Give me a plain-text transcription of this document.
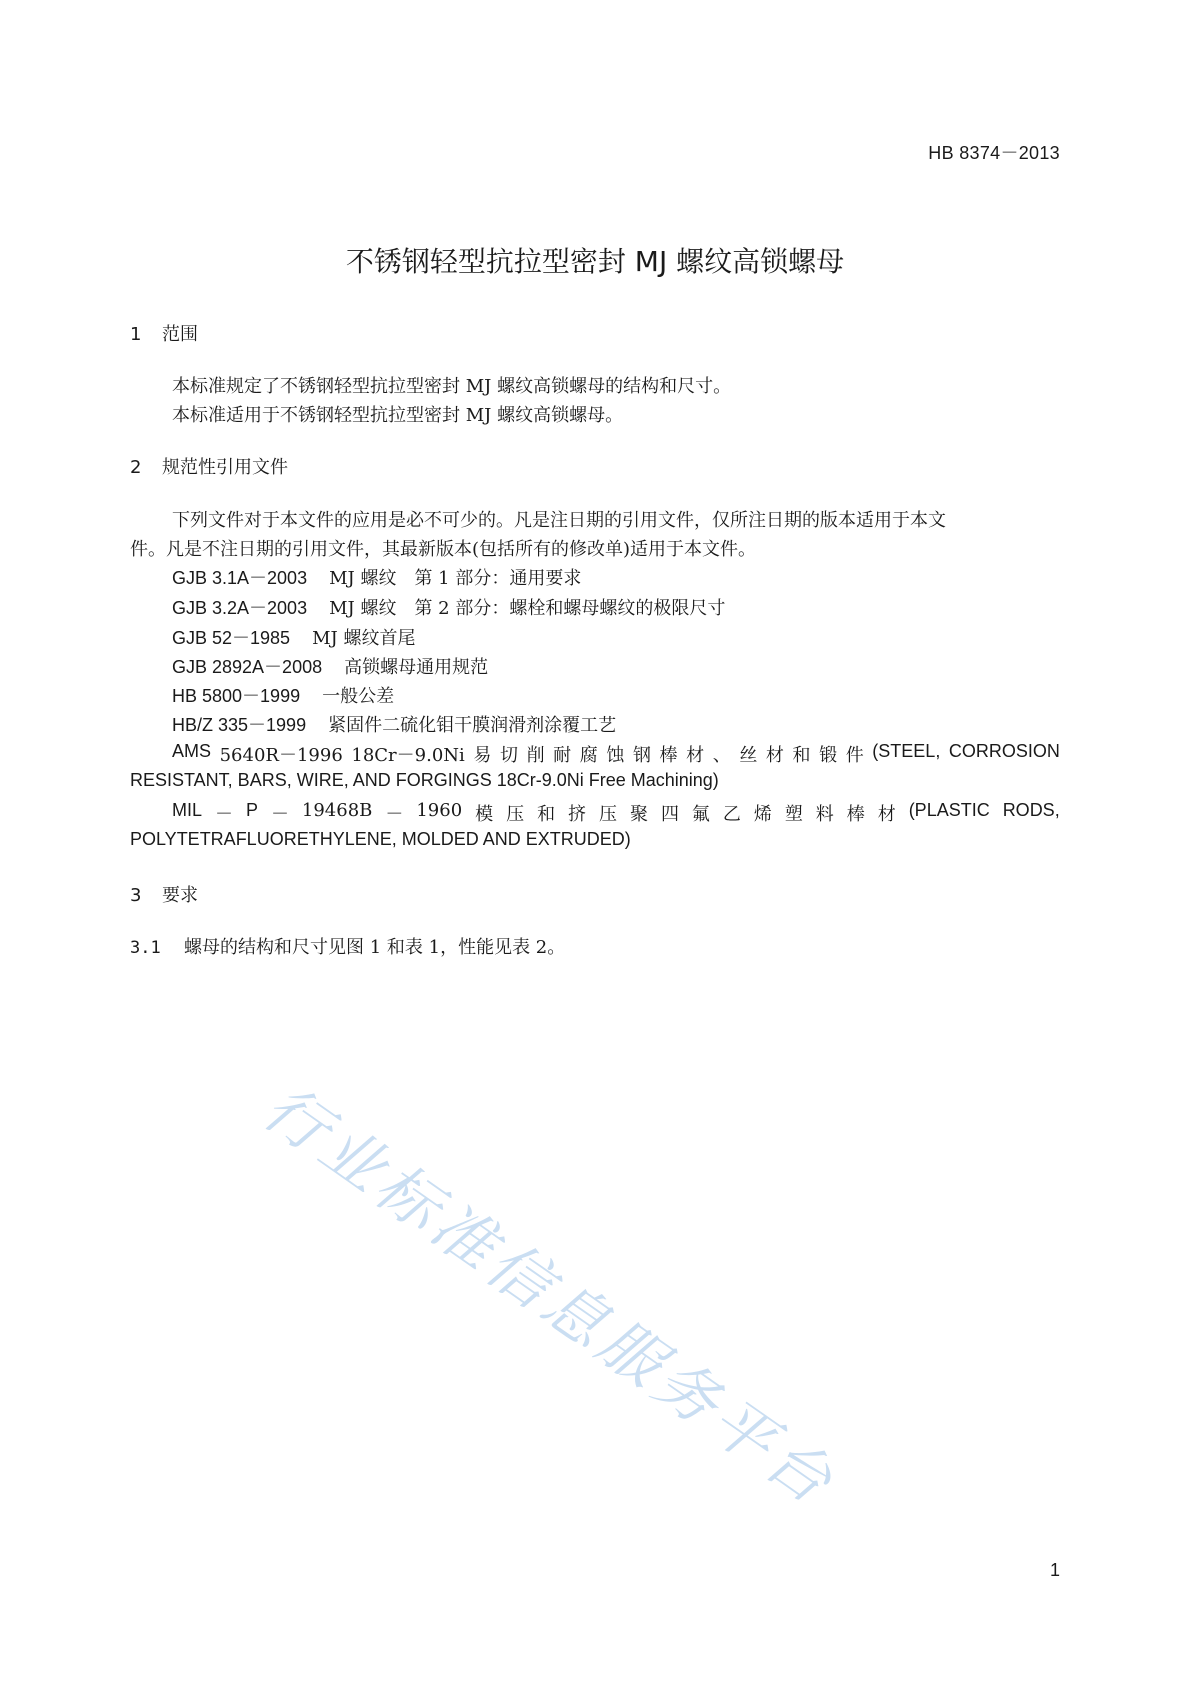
HB 8374－2013
不锈钢轻型抗拉型密封 MJ 螺纹高锁螺母
1 范围
本标准规定了不锈钢轻型抗拉型密封 MJ 螺纹高锁螺母的结构和尺寸。
本标准适用于不锈钢轻型抗拉型密封 MJ 螺纹高锁螺母。
2 规范性引用文件
下列文件对于本文件的应用是必不可少的。凡是注日期的引用文件，仅所注日期的版本适用于本文
件。凡是不注日期的引用文件，其最新版本(包括所有的修改单)适用于本文件。
GJB 3.1A－2003 MJ 螺纹　第 1 部分：通用要求
GJB 3.2A－2003 MJ 螺纹　第 2 部分：螺栓和螺母螺纹的极限尺寸
GJB 52－1985 MJ 螺纹首尾
GJB 2892A－2008 高锁螺母通用规范
HB 5800－1999 一般公差
HB/Z 335－1999 紧固件二硫化钼干膜润滑剂涂覆工艺
AMS 5640R－1996 18Cr－9.0Ni 易 切 削 耐 腐 蚀 钢 棒 材 、 丝 材 和 锻 件 (STEEL, CORROSION
RESISTANT, BARS, WIRE, AND FORGINGS 18Cr-9.0Ni Free Machining)
MIL － P － 19468B － 1960 模 压 和 挤 压 聚 四 氟 乙 烯 塑 料 棒 材 (PLASTIC RODS,
POLYTETRAFLUORETHYLENE, MOLDED AND EXTRUDED)
3 要求
3.1 螺母的结构和尺寸见图 1 和表 1，性能见表 2。
行业标准信息服务平台
1
